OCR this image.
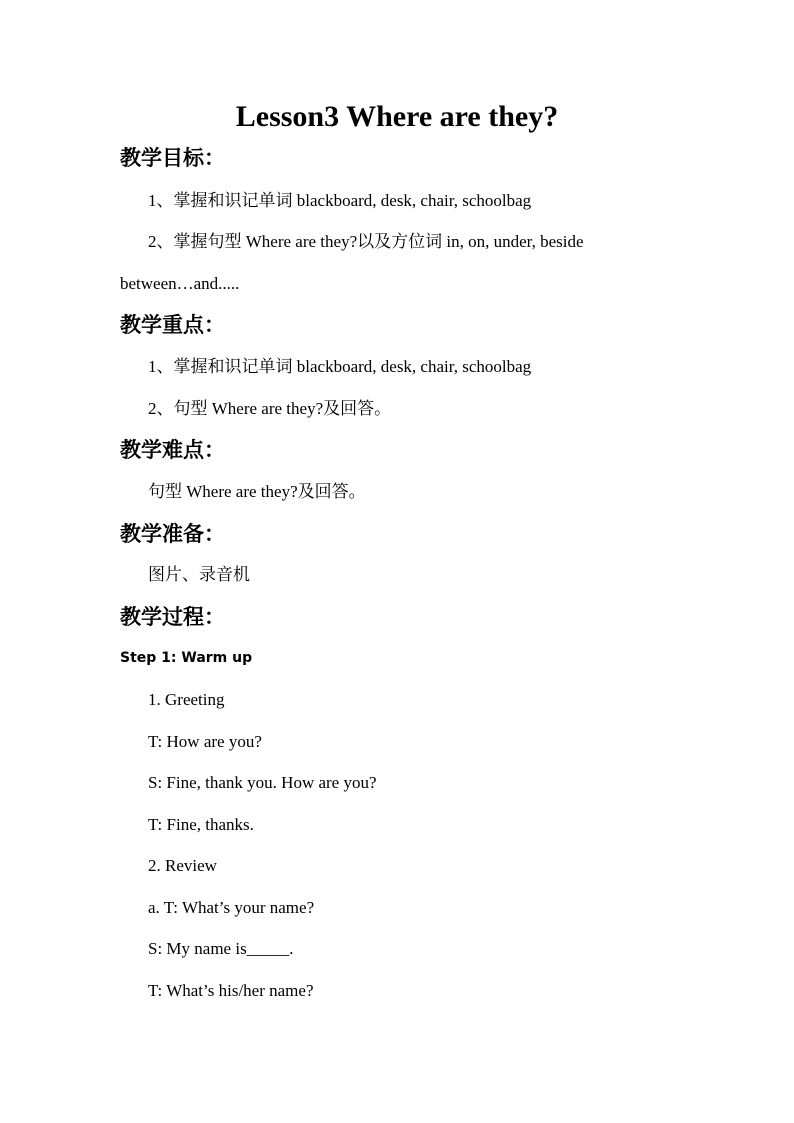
Lesson3 Where are they?
教学目标：
1、掌握和识记单词 blackboard, desk, chair, schoolbag
2、掌握句型 Where are they?以及方位词 in, on, under, beside
between…and.....
教学重点：
1、掌握和识记单词 blackboard, desk, chair, schoolbag
2、句型 Where are they?及回答。
教学难点：
句型 Where are they?及回答。
教学准备：
图片、录音机
教学过程：
Step 1: Warm up
1. Greeting
T: How are you?
S: Fine, thank you. How are you?
T: Fine, thanks.
2. Review
a. T: What’s your name?
S: My name is_____.
T: What’s his/her name?
